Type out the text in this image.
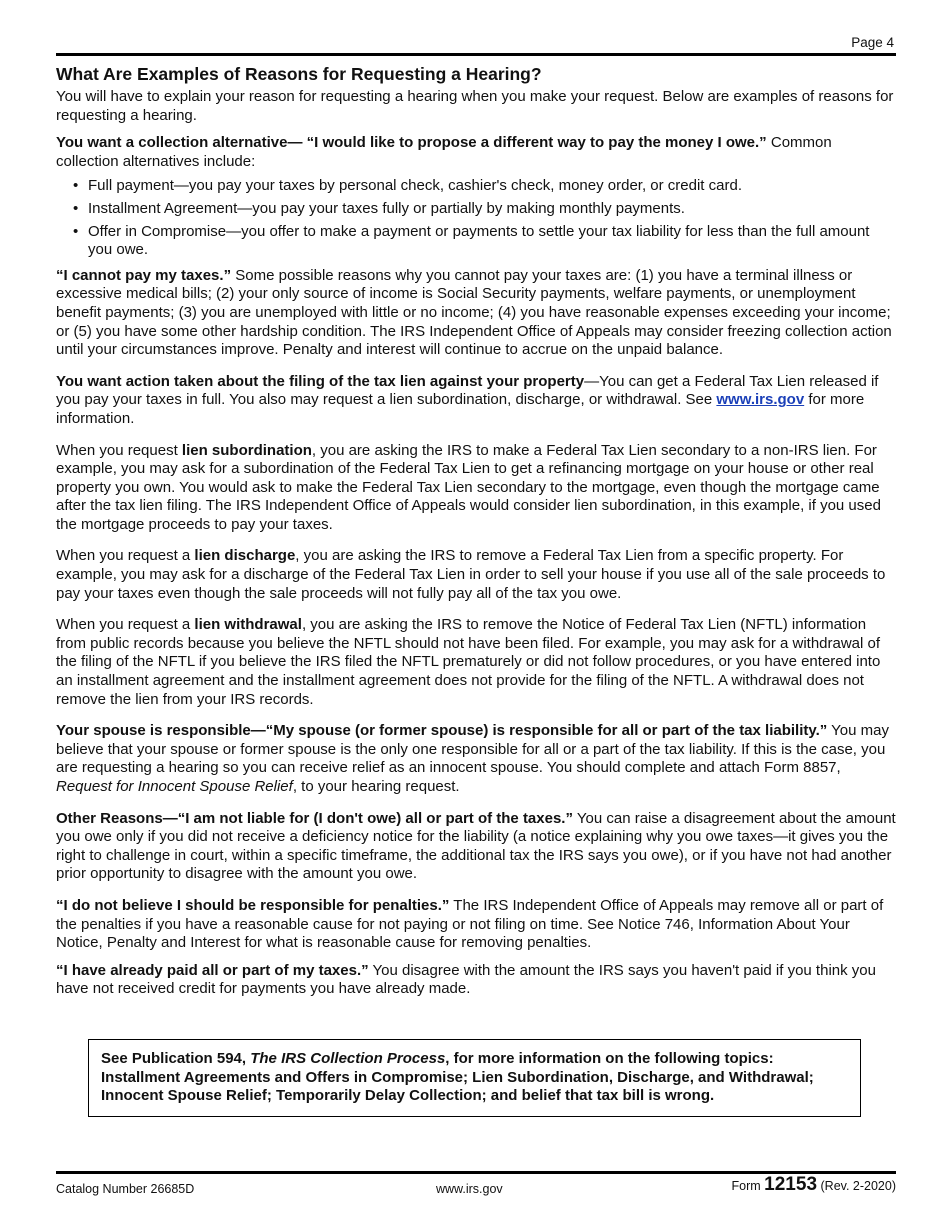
Page 4
What Are Examples of Reasons for Requesting a Hearing?

You will have to explain your reason for requesting a hearing when you make your request. Below are examples of reasons for requesting a hearing.

You want a collection alternative— “I would like to propose a different way to pay the money I owe.” Common collection alternatives include:

• Full payment—you pay your taxes by personal check, cashier's check, money order, or credit card.
• Installment Agreement—you pay your taxes fully or partially by making monthly payments.
• Offer in Compromise—you offer to make a payment or payments to settle your tax liability for less than the full amount you owe.

“I cannot pay my taxes.” Some possible reasons why you cannot pay your taxes are: (1) you have a terminal illness or excessive medical bills; (2) your only source of income is Social Security payments, welfare payments, or unemployment benefit payments; (3) you are unemployed with little or no income; (4) you have reasonable expenses exceeding your income; or (5) you have some other hardship condition. The IRS Independent Office of Appeals may consider freezing collection action until your circumstances improve. Penalty and interest will continue to accrue on the unpaid balance.

You want action taken about the filing of the tax lien against your property—You can get a Federal Tax Lien released if you pay your taxes in full. You also may request a lien subordination, discharge, or withdrawal. See www.irs.gov for more information.

When you request lien subordination, you are asking the IRS to make a Federal Tax Lien secondary to a non-IRS lien. For example, you may ask for a subordination of the Federal Tax Lien to get a refinancing mortgage on your house or other real property you own. You would ask to make the Federal Tax Lien secondary to the mortgage, even though the mortgage came after the tax lien filing. The IRS Independent Office of Appeals would consider lien subordination, in this example, if you used the mortgage proceeds to pay your taxes.

When you request a lien discharge, you are asking the IRS to remove a Federal Tax Lien from a specific property. For example, you may ask for a discharge of the Federal Tax Lien in order to sell your house if you use all of the sale proceeds to pay your taxes even though the sale proceeds will not fully pay all of the tax you owe.

When you request a lien withdrawal, you are asking the IRS to remove the Notice of Federal Tax Lien (NFTL) information from public records because you believe the NFTL should not have been filed. For example, you may ask for a withdrawal of the filing of the NFTL if you believe the IRS filed the NFTL prematurely or did not follow procedures, or you have entered into an installment agreement and the installment agreement does not provide for the filing of the NFTL. A withdrawal does not remove the lien from your IRS records.

Your spouse is responsible—“My spouse (or former spouse) is responsible for all or part of the tax liability.” You may believe that your spouse or former spouse is the only one responsible for all or a part of the tax liability. If this is the case, you are requesting a hearing so you can receive relief as an innocent spouse. You should complete and attach Form 8857, Request for Innocent Spouse Relief, to your hearing request.

Other Reasons—“I am not liable for (I don't owe) all or part of the taxes.” You can raise a disagreement about the amount you owe only if you did not receive a deficiency notice for the liability (a notice explaining why you owe taxes—it gives you the right to challenge in court, within a specific timeframe, the additional tax the IRS says you owe), or if you have not had another prior opportunity to disagree with the amount you owe.

“I do not believe I should be responsible for penalties.” The IRS Independent Office of Appeals may remove all or part of the penalties if you have a reasonable cause for not paying or not filing on time. See Notice 746, Information About Your Notice, Penalty and Interest for what is reasonable cause for removing penalties.

“I have already paid all or part of my taxes.” You disagree with the amount the IRS says you haven't paid if you think you have not received credit for payments you have already made.

See Publication 594, The IRS Collection Process, for more information on the following topics: Installment Agreements and Offers in Compromise; Lien Subordination, Discharge, and Withdrawal; Innocent Spouse Relief; Temporarily Delay Collection; and belief that tax bill is wrong.
Catalog Number 26685D	www.irs.gov	Form 12153 (Rev. 2-2020)
